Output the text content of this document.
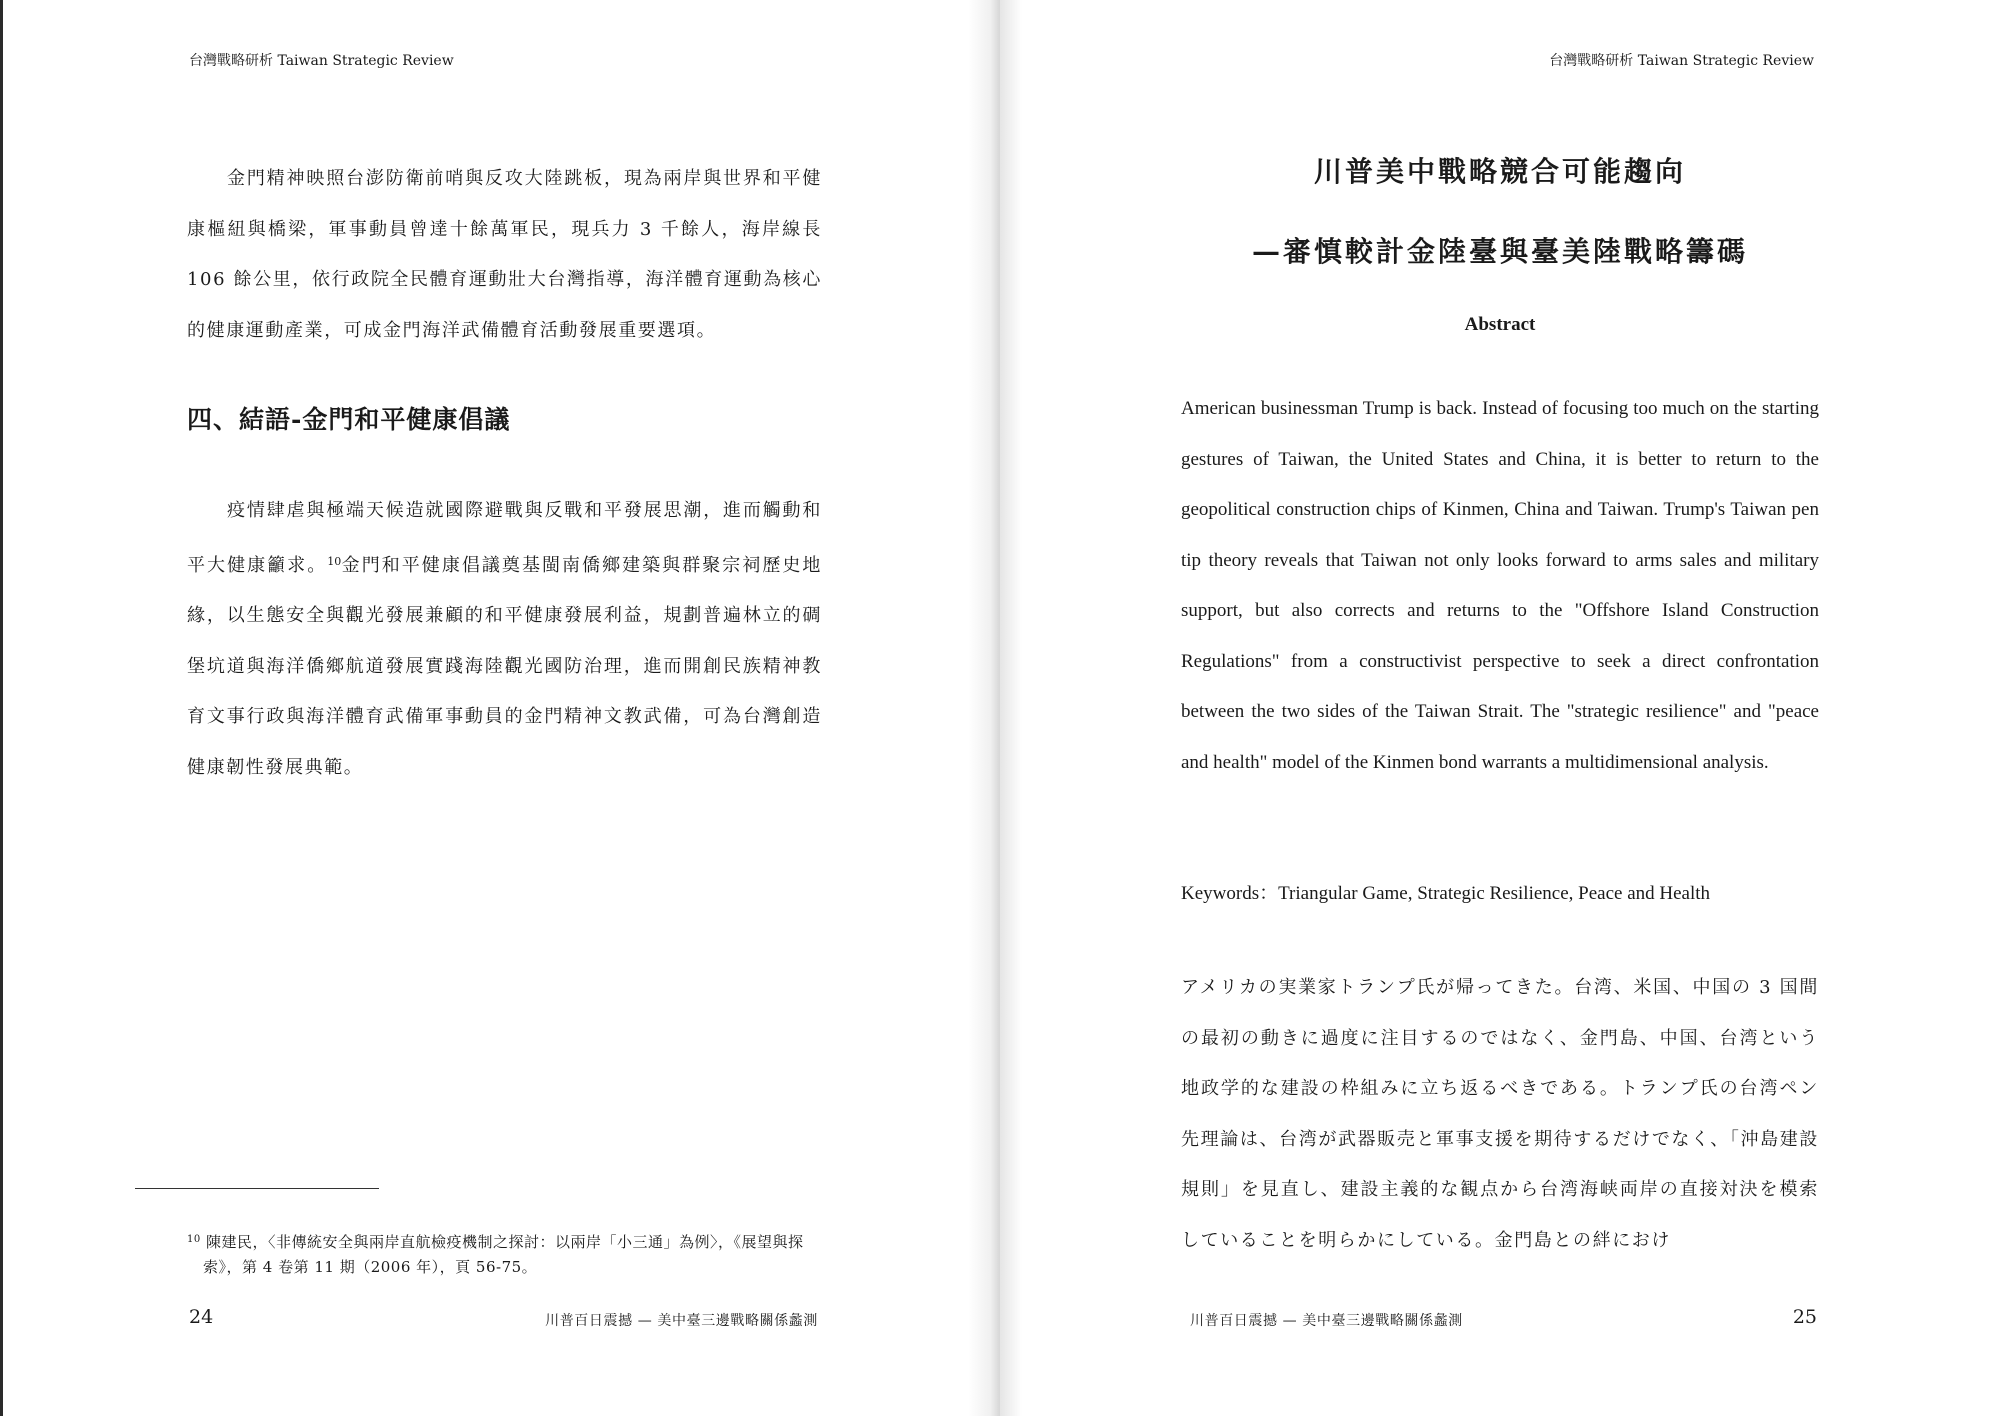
台灣戰略研析 Taiwan Strategic Review

金門精神映照台澎防衛前哨與反攻大陸跳板，現為兩岸與世界和平健康樞紐與橋梁，軍事動員曾達十餘萬軍民，現兵力 3 千餘人，海岸線長 106 餘公里，依行政院全民體育運動壯大台灣指導，海洋體育運動為核心的健康運動產業，可成金門海洋武備體育活動發展重要選項。

四、結語-金門和平健康倡議

疫情肆虐與極端天候造就國際避戰與反戰和平發展思潮，進而觸動和平大健康籲求。$^{10}$金門和平健康倡議奠基閩南僑鄉建築與群聚宗祠歷史地緣，以生態安全與觀光發展兼顧的和平健康發展利益，規劃普遍林立的碉堡坑道與海洋僑鄉航道發展實踐海陸觀光國防治理，進而開創民族精神教育文事行政與海洋體育武備軍事動員的金門精神文教武備，可為台灣創造健康韌性發展典範。

$^{10}$ 陳建民，〈非傳統安全與兩岸直航檢疫機制之探討：以兩岸「小三通」為例〉，《展望與探索》，第 4 卷第 11 期（2006 年），頁 56-75。

24	川普百日震撼 — 美中臺三邊戰略關係蠡測
台灣戰略研析 Taiwan Strategic Review
川普美中戰略競合可能趨向
—審慎較計金陸臺與臺美陸戰略籌碼
Abstract

American businessman Trump is back. Instead of focusing too much on the starting gestures of Taiwan, the United States and China, it is better to return to the geopolitical construction chips of Kinmen, China and Taiwan. Trump's Taiwan pen tip theory reveals that Taiwan not only looks forward to arms sales and military support, but also corrects and returns to the "Offshore Island Construction Regulations" from a constructivist perspective to seek a direct confrontation between the two sides of the Taiwan Strait. The "strategic resilience" and "peace and health" model of the Kinmen bond warrants a multidimensional analysis.

Keywords：Triangular Game, Strategic Resilience, Peace and Health

アメリカの実業家トランプ氏が帰ってきた。台湾、米国、中国の 3 国間の最初の動きに過度に注目するのではなく、金門島、中国、台湾という地政学的な建設の枠組みに立ち返るべきである。トランプ氏の台湾ペン先理論は、台湾が武器販売と軍事支援を期待するだけでなく、「沖島建設規則」を見直し、建設主義的な観点から台湾海峡両岸の直接対決を模索していることを明らかにしている。金門島との絆におけ

川普百日震撼 — 美中臺三邊戰略關係蠡測	25
